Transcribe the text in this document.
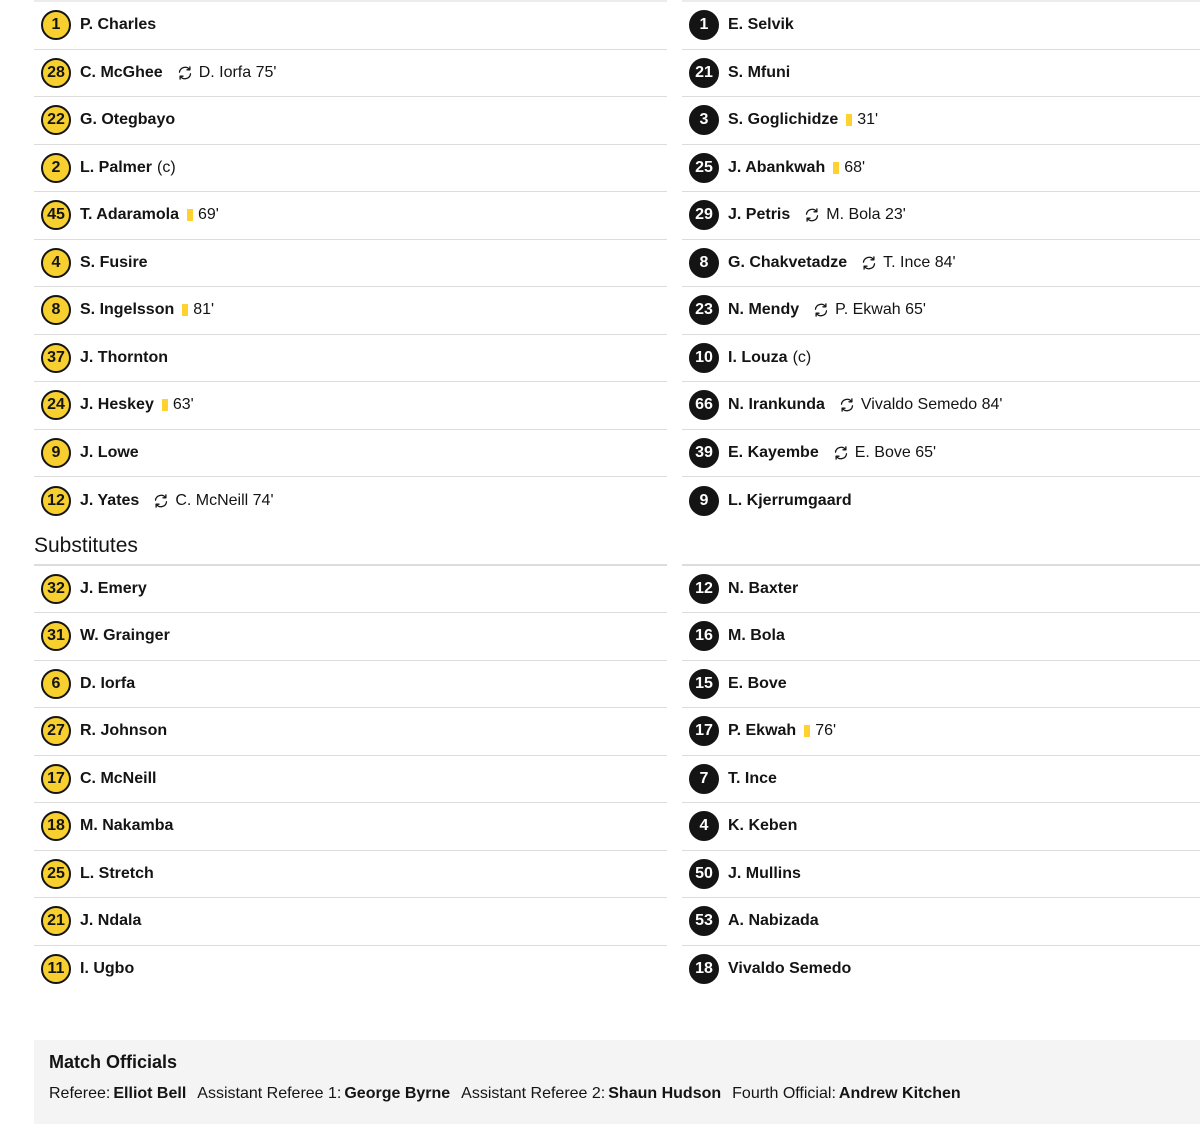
1	P. Charles
28 C. McGhee D. Iorfa 75'
22 G. Otegbayo
2	L. Palmer (c)
45 T. Adaramola 69'
4	S. Fusire
8	S. Ingelsson 81'
37 J. Thornton
24 J. Heskey 63'
9	J. Lowe
12 J. Yates C. McNeill 74'
Substitutes
32 J. Emery
31 W. Grainger
6	D. Iorfa
27 R. Johnson
17 C. McNeill
18 M. Nakamba
25 L. Stretch
21 J. Ndala
11 I. Ugbo
1	E. Selvik
21 S. Mfuni
3	S. Goglichidze 31'
25 J. Abankwah 68'
29 J. Petris M. Bola 23'
8	G. Chakvetadze T. Ince 84'
23 N. Mendy P. Ekwah 65'
10 I. Louza (c)
66 N. Irankunda Vivaldo Semedo 84'
39 E. Kayembe E. Bove 65'
9	L. Kjerrumgaard
12 N. Baxter
16 M. Bola
15 E. Bove
17 P. Ekwah 76'
7	T. Ince
4	K. Keben
50 J. Mullins
53 A. Nabizada
18 Vivaldo Semedo
Match Officials
Referee: Elliot Bell Assistant Referee 1: George Byrne Assistant Referee 2: Shaun Hudson Fourth Official: Andrew Kitchen
